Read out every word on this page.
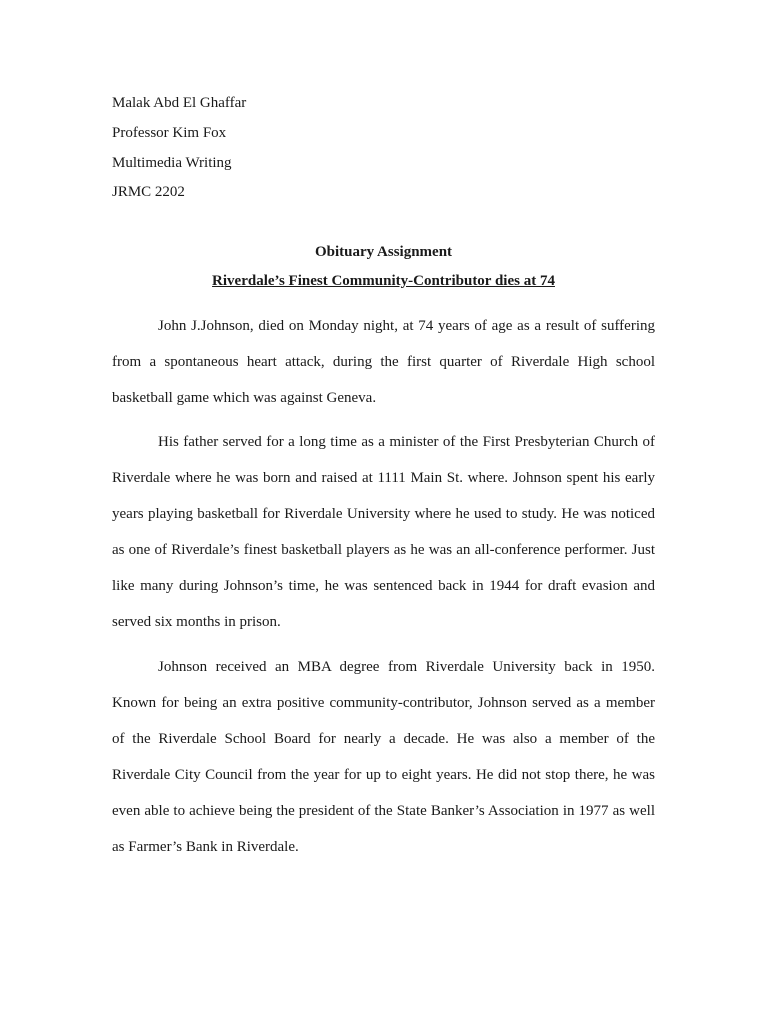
Malak Abd El Ghaffar
Professor Kim Fox
Multimedia Writing
JRMC 2202
Obituary Assignment
Riverdale’s Finest Community-Contributor dies at 74

John J.Johnson, died on Monday night, at 74 years of age as a result of suffering from a spontaneous heart attack, during the first quarter of Riverdale High school basketball game which was against Geneva.

His father served for a long time as a minister of the First Presbyterian Church of Riverdale where he was born and raised at 1111 Main St. where. Johnson spent his early years playing basketball for Riverdale University where he used to study. He was noticed as one of Riverdale’s finest basketball players as he was an all-conference performer. Just like many during Johnson’s time, he was sentenced back in 1944 for draft evasion and served six months in prison.

Johnson received an MBA degree from Riverdale University back in 1950. Known for being an extra positive community-contributor, Johnson served as a member of the Riverdale School Board for nearly a decade. He was also a member of the Riverdale City Council from the year for up to eight years. He did not stop there, he was even able to achieve being the president of the State Banker’s Association in 1977 as well as Farmer’s Bank in Riverdale.
